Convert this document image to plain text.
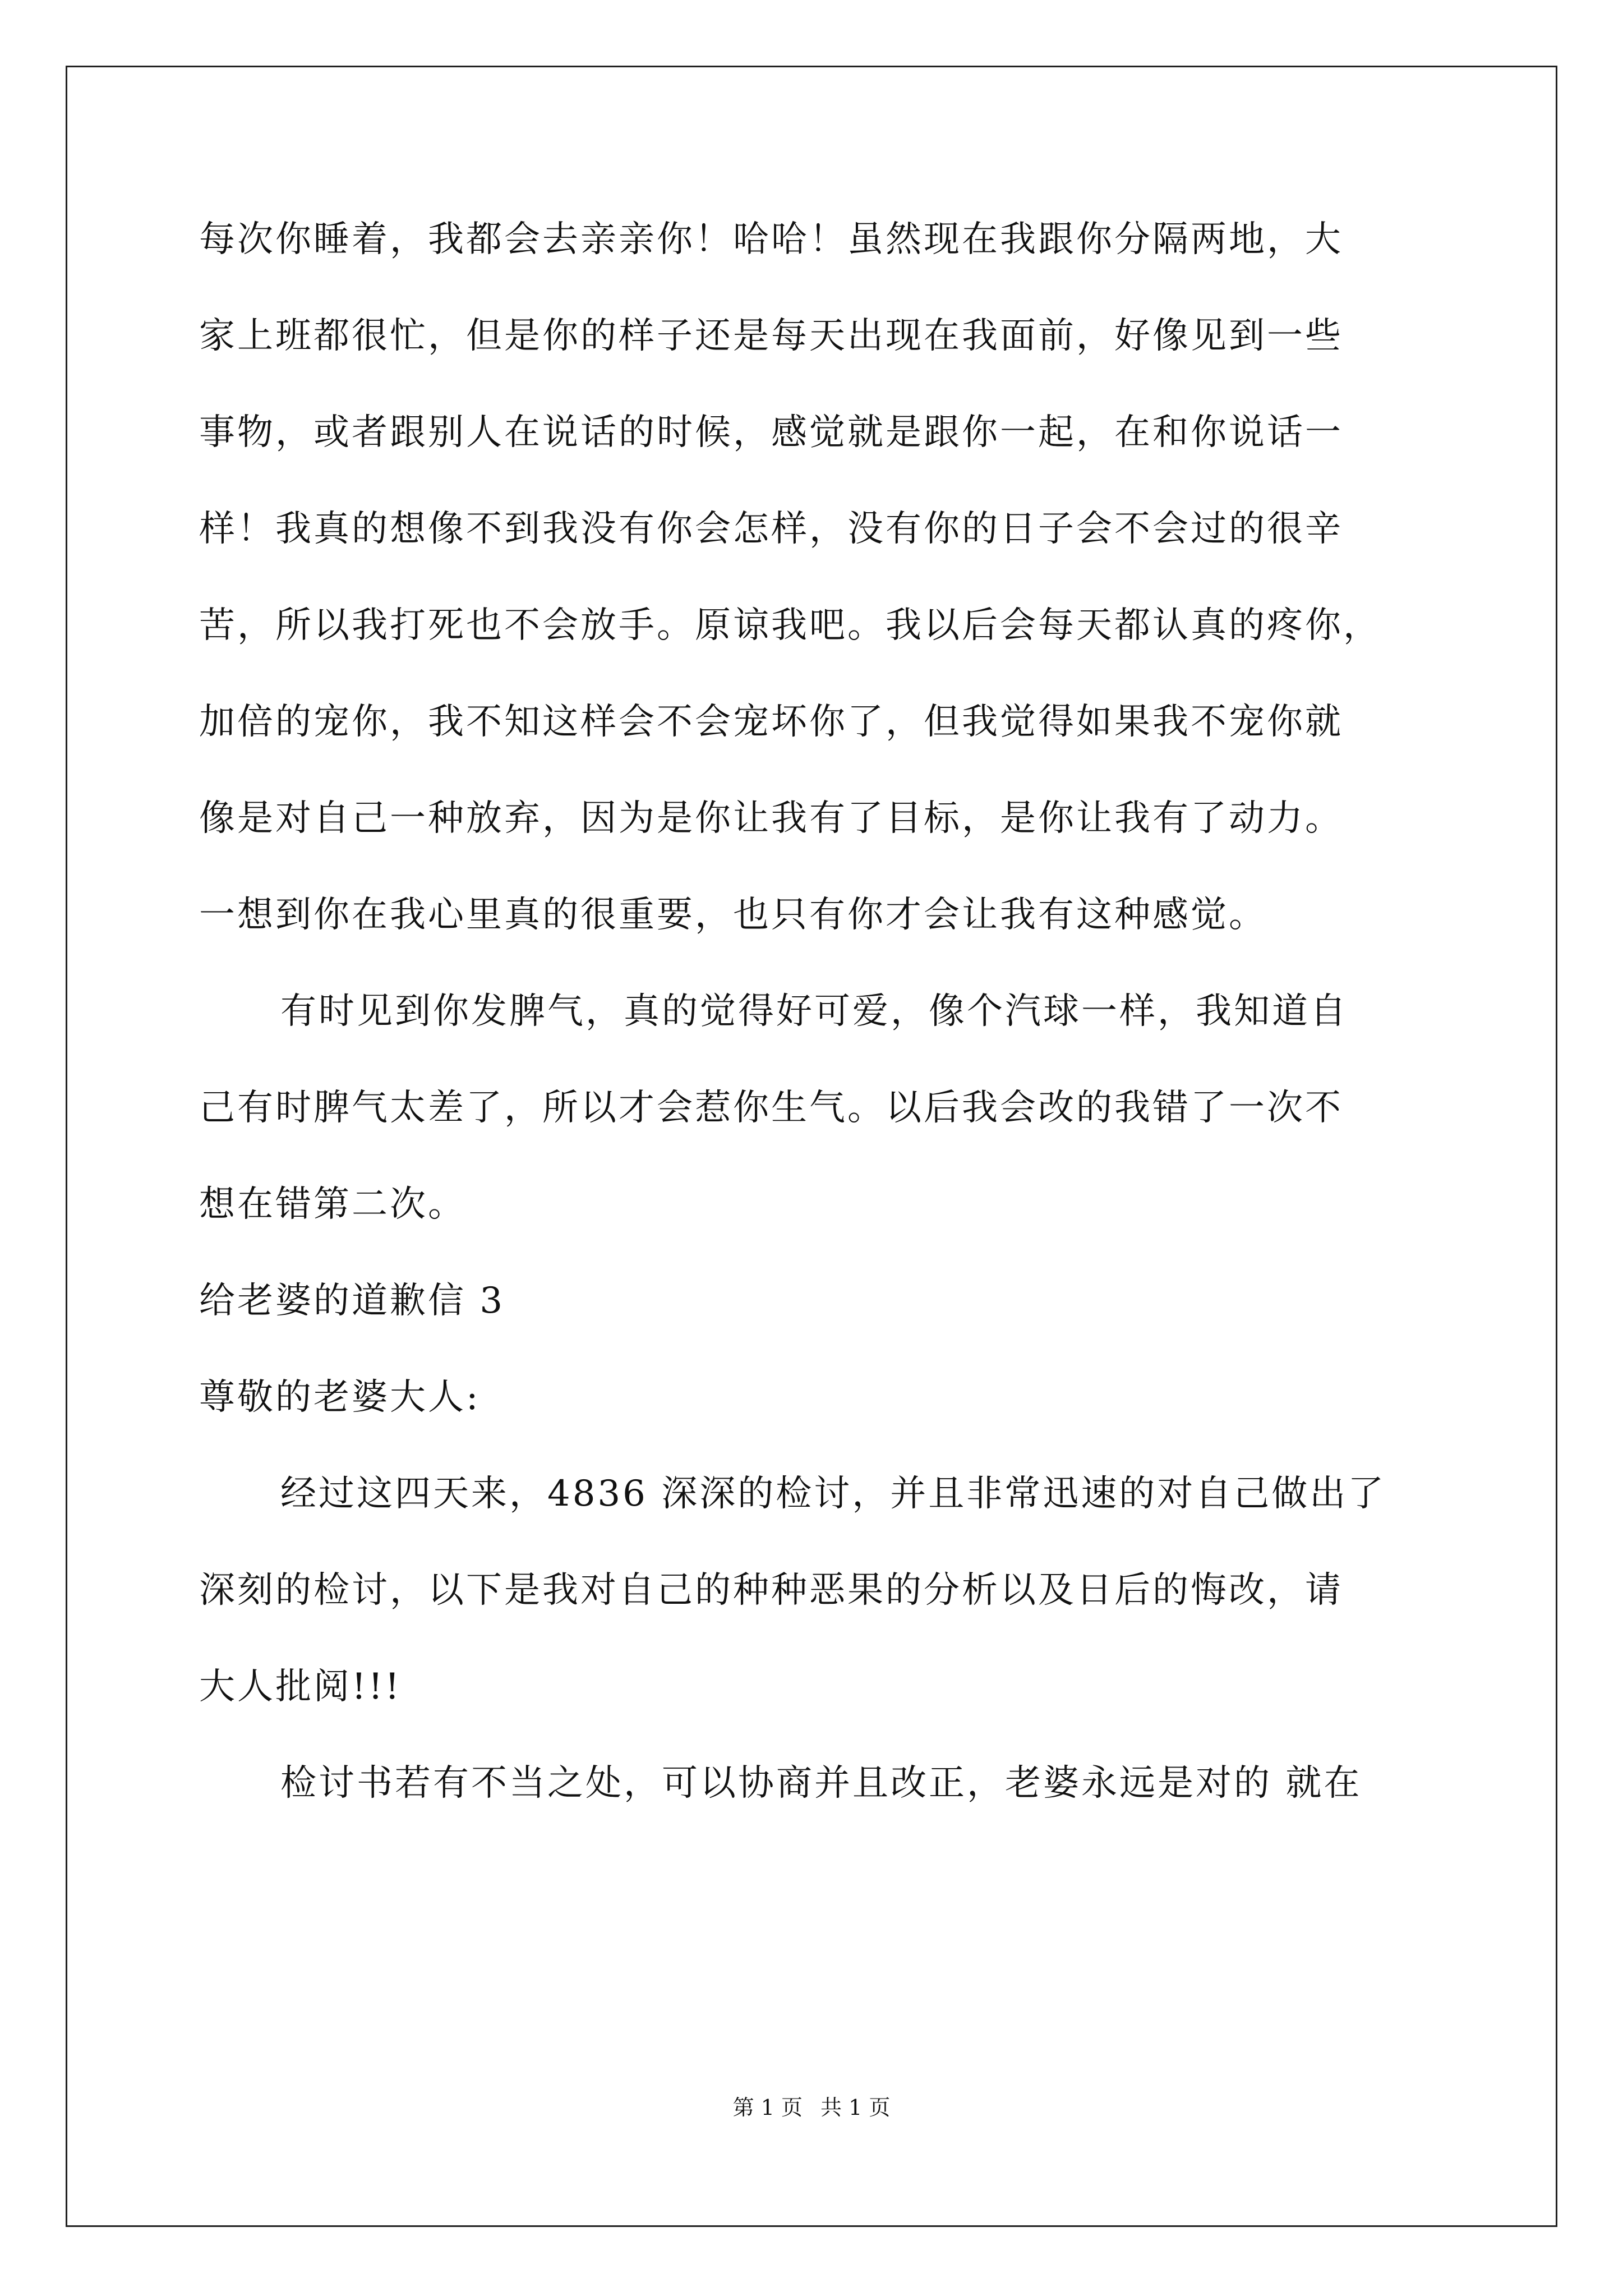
每次你睡着，我都会去亲亲你！哈哈！虽然现在我跟你分隔两地，大
家上班都很忙，但是你的样子还是每天出现在我面前，好像见到一些
事物，或者跟别人在说话的时候，感觉就是跟你一起，在和你说话一
样！我真的想像不到我没有你会怎样，没有你的日子会不会过的很辛
苦，所以我打死也不会放手。原谅我吧。我以后会每天都认真的疼你，
加倍的宠你，我不知这样会不会宠坏你了，但我觉得如果我不宠你就
像是对自己一种放弃，因为是你让我有了目标，是你让我有了动力。
一想到你在我心里真的很重要，也只有你才会让我有这种感觉。
有时见到你发脾气，真的觉得好可爱，像个汽球一样，我知道自
己有时脾气太差了，所以才会惹你生气。以后我会改的我错了一次不
想在错第二次。
给老婆的道歉信 3
尊敬的老婆大人:
经过这四天来，4836 深深的检讨，并且非常迅速的对自己做出了
深刻的检讨，以下是我对自己的种种恶果的分析以及日后的悔改，请
大人批阅!!!
检讨书若有不当之处，可以协商并且改正，老婆永远是对的 就在
第 1 页 共 1 页
